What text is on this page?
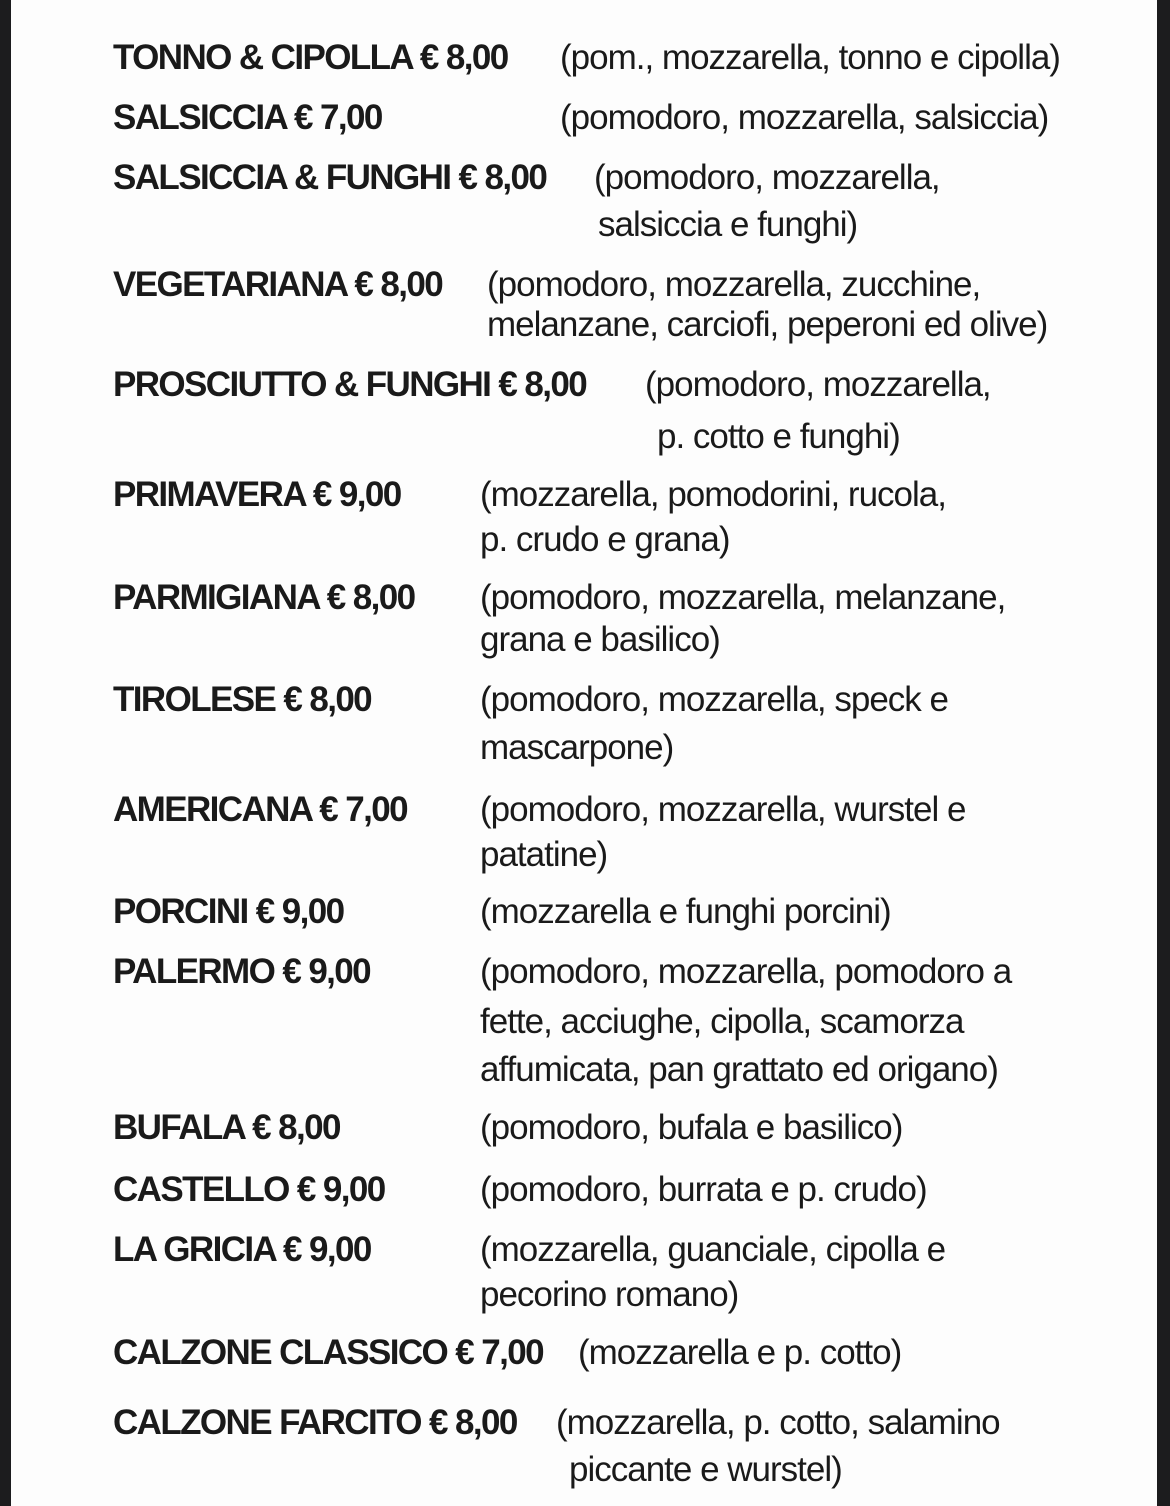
TONNO & CIPOLLA € 8,00 (pom., mozzarella, tonno e cipolla)
SALSICCIA € 7,00	(pomodoro, mozzarella, salsiccia)
SALSICCIA & FUNGHI € 8,00 (pomodoro, mozzarella,
salsiccia e funghi)
VEGETARIANA € 8,00 (pomodoro, mozzarella, zucchine,
melanzane, carciofi, peperoni ed olive)
PROSCIUTTO & FUNGHI € 8,00 (pomodoro, mozzarella,
p. cotto e funghi)
PRIMAVERA € 9,00 (mozzarella, pomodorini, rucola,
p. crudo e grana)
PARMIGIANA € 8,00 (pomodoro, mozzarella, melanzane,
grana e basilico)
TIROLESE € 8,00	(pomodoro, mozzarella, speck e
mascarpone)
AMERICANA € 7,00 (pomodoro, mozzarella, wurstel e
patatine)
PORCINI € 9,00	(mozzarella e funghi porcini)
PALERMO € 9,00	(pomodoro, mozzarella, pomodoro a
fette, acciughe, cipolla, scamorza
affumicata, pan grattato ed origano)
BUFALA € 8,00	(pomodoro, bufala e basilico)
CASTELLO € 9,00	(pomodoro, burrata e p. crudo)
LA GRICIA € 9,00	(mozzarella, guanciale, cipolla e
pecorino romano)
CALZONE CLASSICO € 7,00 (mozzarella e p. cotto)
CALZONE FARCITO € 8,00 (mozzarella, p. cotto, salamino
piccante e wurstel)
